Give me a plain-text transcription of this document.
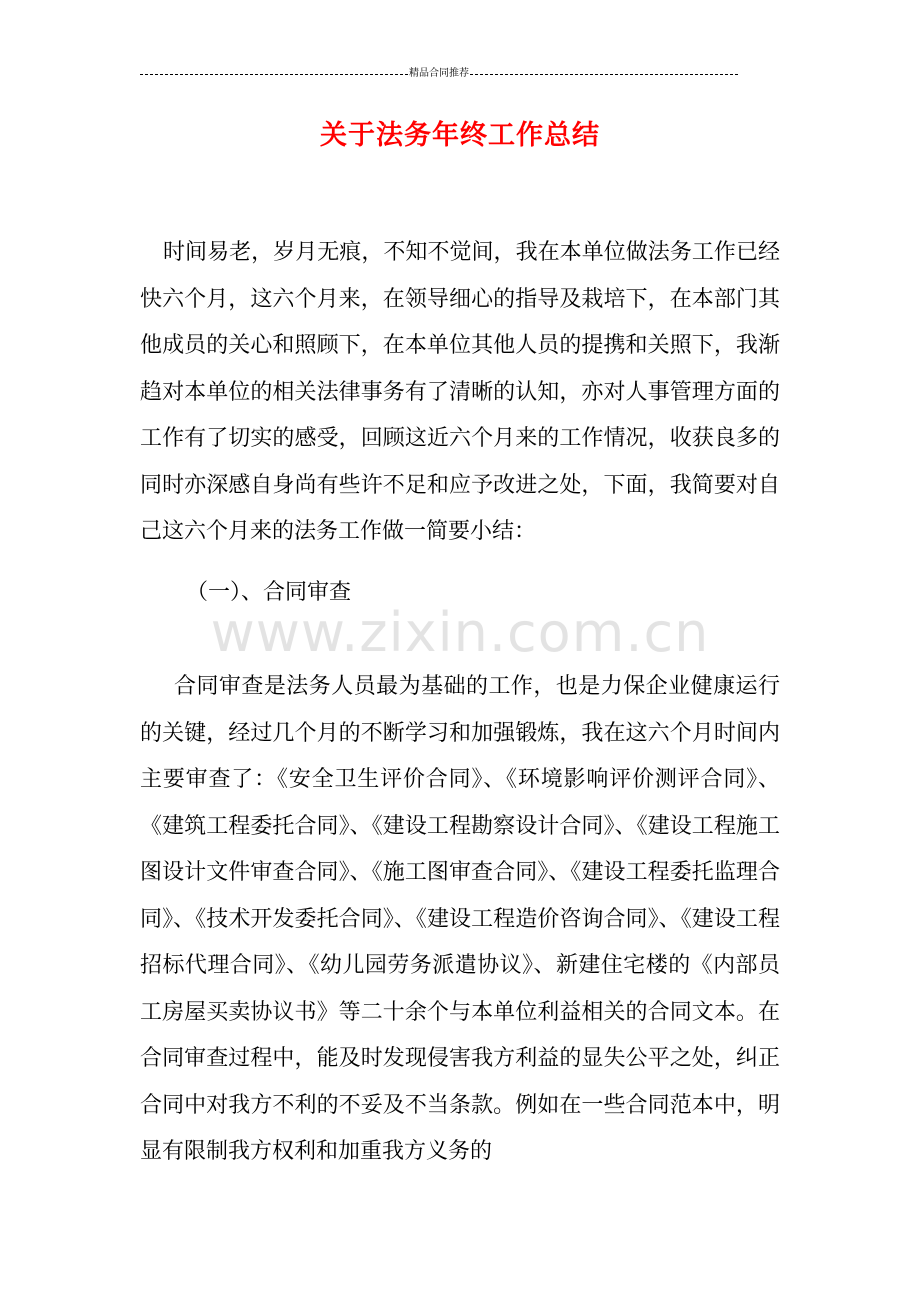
精品合同推荐
关于法务年终工作总结

时间易老，岁月无痕，不知不觉间，我在本单位做法务工作已经快六个月，这六个月来，在领导细心的指导及栽培下，在本部门其他成员的关心和照顾下，在本单位其他人员的提携和关照下，我渐趋对本单位的相关法律事务有了清晰的认知，亦对人事管理方面的工作有了切实的感受，回顾这近六个月来的工作情况，收获良多的同时亦深感自身尚有些许不足和应予改进之处，下面，我简要对自己这六个月来的法务工作做一简要小结：

（一）、合同审查

www.zixin.com.cn

合同审查是法务人员最为基础的工作，也是力保企业健康运行的关键，经过几个月的不断学习和加强锻炼，我在这六个月时间内主要审查了：《安全卫生评价合同》、《环境影响评价测评合同》、《建筑工程委托合同》、《建设工程勘察设计合同》、《建设工程施工图设计文件审查合同》、《施工图审查合同》、《建设工程委托监理合同》、《技术开发委托合同》、《建设工程造价咨询合同》、《建设工程招标代理合同》、《幼儿园劳务派遣协议》、新建住宅楼的《内部员工房屋买卖协议书》等二十余个与本单位利益相关的合同文本。在合同审查过程中，能及时发现侵害我方利益的显失公平之处，纠正合同中对我方不利的不妥及不当条款。例如在一些合同范本中，明显有限制我方权利和加重我方义务的
